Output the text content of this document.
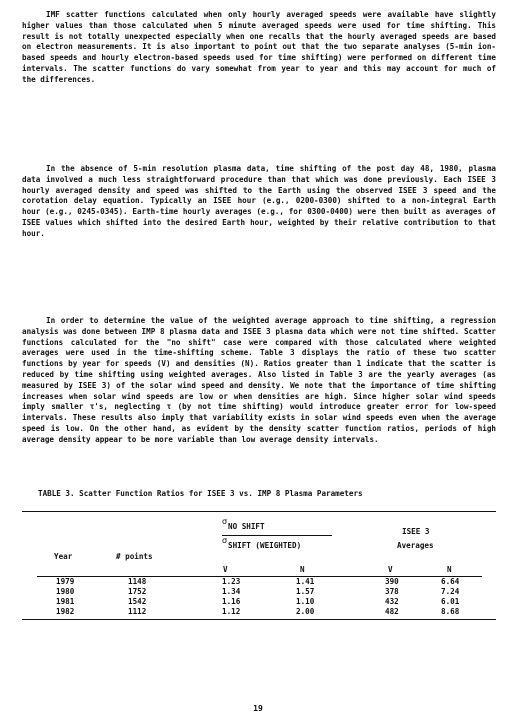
IMF scatter functions calculated when only hourly averaged speeds were available have slightly higher values than those calculated when 5 minute averaged speeds were used for time shifting. This result is not totally unexpected especially when one recalls that the hourly averaged speeds are based on electron measurements. It is also important to point out that the two separate analyses (5-min ion-based speeds and hourly electron-based speeds used for time shifting) were performed on different time intervals. The scatter functions do vary somewhat from year to year and this may account for much of the differences.

In the absence of 5-min resolution plasma data, time shifting of the post day 48, 1980, plasma data involved a much less straightforward procedure than that which was done previously. Each ISEE 3 hourly averaged density and speed was shifted to the Earth using the observed ISEE 3 speed and the corotation delay equation. Typically an ISEE hour (e.g., 0200-0300) shifted to a non-integral Earth hour (e.g., 0245-0345). Earth-time hourly averages (e.g., for 0300-0400) were then built as averages of ISEE values which shifted into the desired Earth hour, weighted by their relative contribution to that hour.

In order to determine the value of the weighted average approach to time shifting, a regression analysis was done between IMP 8 plasma data and ISEE 3 plasma data which were not time shifted. Scatter functions calculated for the "no shift" case were compared with those calculated where weighted averages were used in the time-shifting scheme. Table 3 displays the ratio of these two scatter functions by year for speeds (V) and densities (N). Ratios greater than 1 indicate that the scatter is reduced by time shifting using weighted averages. Also listed in Table 3 are the yearly averages (as measured by ISEE 3) of the solar wind speed and density. We note that the importance of time shifting increases when solar wind speeds are low or when densities are high. Since higher solar wind speeds imply smaller τ's, neglecting τ (by not time shifting) would introduce greater error for low-speed intervals. These results also imply that variability exists in solar wind speeds even when the average speed is low. On the other hand, as evident by the density scatter function ratios, periods of high average density appear to be more variable than low average density intervals.

TABLE 3. Scatter Function Ratios for ISEE 3 vs. IMP 8 Plasma Parameters

σ
NO SHIFT
σ
SHIFT (WEIGHTED)
ISEE 3
Averages
Year	# points
V	N	V	N
1979	1148	1.23	1.41	390	6.64
1980	1752	1.34	1.57	378	7.24
1981	1542	1.16	1.10	432	6.01
1982	1112	1.12	2.00	482	8.68
19
